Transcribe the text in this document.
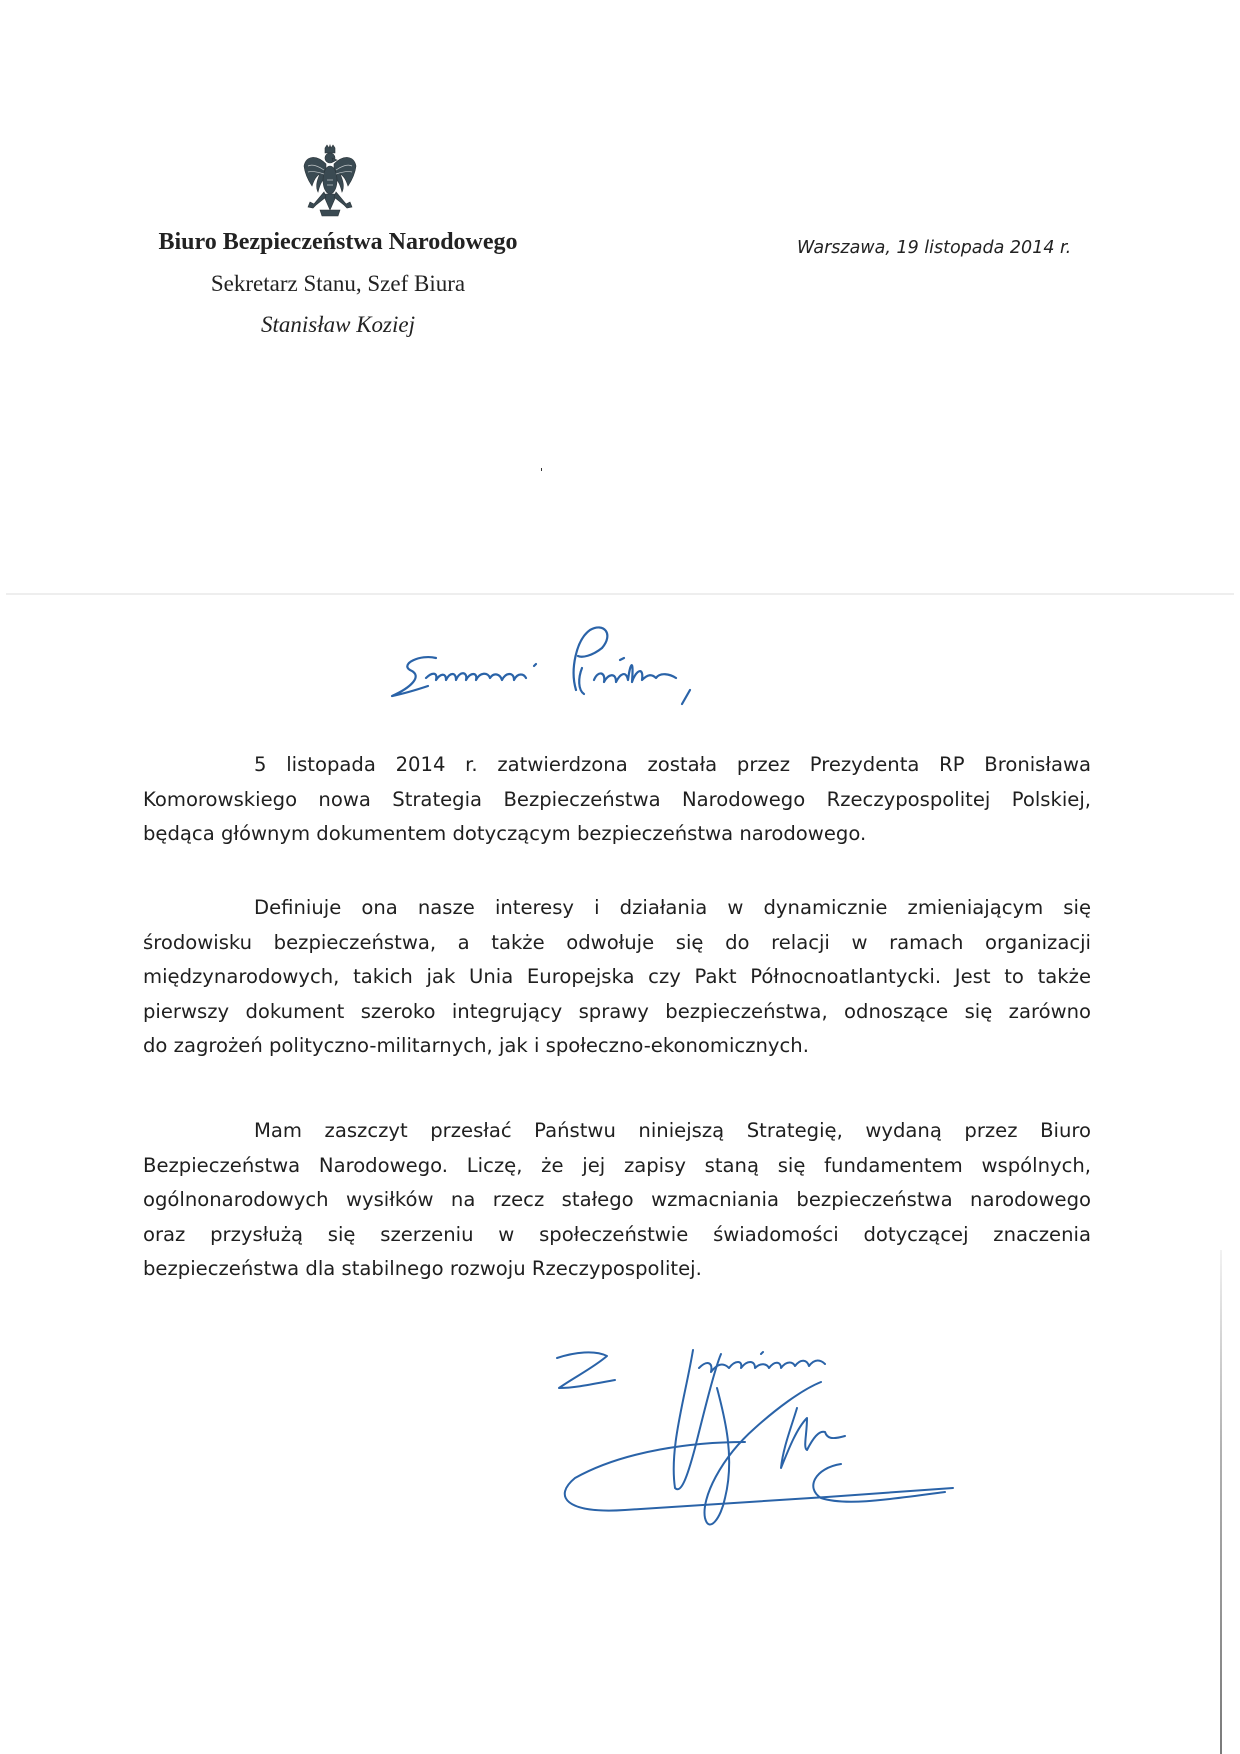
Biuro Bezpieczeństwa Narodowego
Sekretarz Stanu, Szef Biura
Stanisław Koziej
Warszawa, 19 listopada 2014 r.
5 listopada 2014 r. zatwierdzona została przez Prezydenta RP Bronisława
Komorowskiego nowa Strategia Bezpieczeństwa Narodowego Rzeczypospolitej Polskiej,
będąca głównym dokumentem dotyczącym bezpieczeństwa narodowego.
Definiuje ona nasze interesy i działania w dynamicznie zmieniającym się
środowisku bezpieczeństwa, a także odwołuje się do relacji w ramach organizacji
międzynarodowych, takich jak Unia Europejska czy Pakt Północnoatlantycki. Jest to także
pierwszy dokument szeroko integrujący sprawy bezpieczeństwa, odnoszące się zarówno
do zagrożeń polityczno-militarnych, jak i społeczno-ekonomicznych.
Mam zaszczyt przesłać Państwu niniejszą Strategię, wydaną przez Biuro
Bezpieczeństwa Narodowego. Liczę, że jej zapisy staną się fundamentem wspólnych,
ogólnonarodowych wysiłków na rzecz stałego wzmacniania bezpieczeństwa narodowego
oraz przysłużą się szerzeniu w społeczeństwie świadomości dotyczącej znaczenia
bezpieczeństwa dla stabilnego rozwoju Rzeczypospolitej.
